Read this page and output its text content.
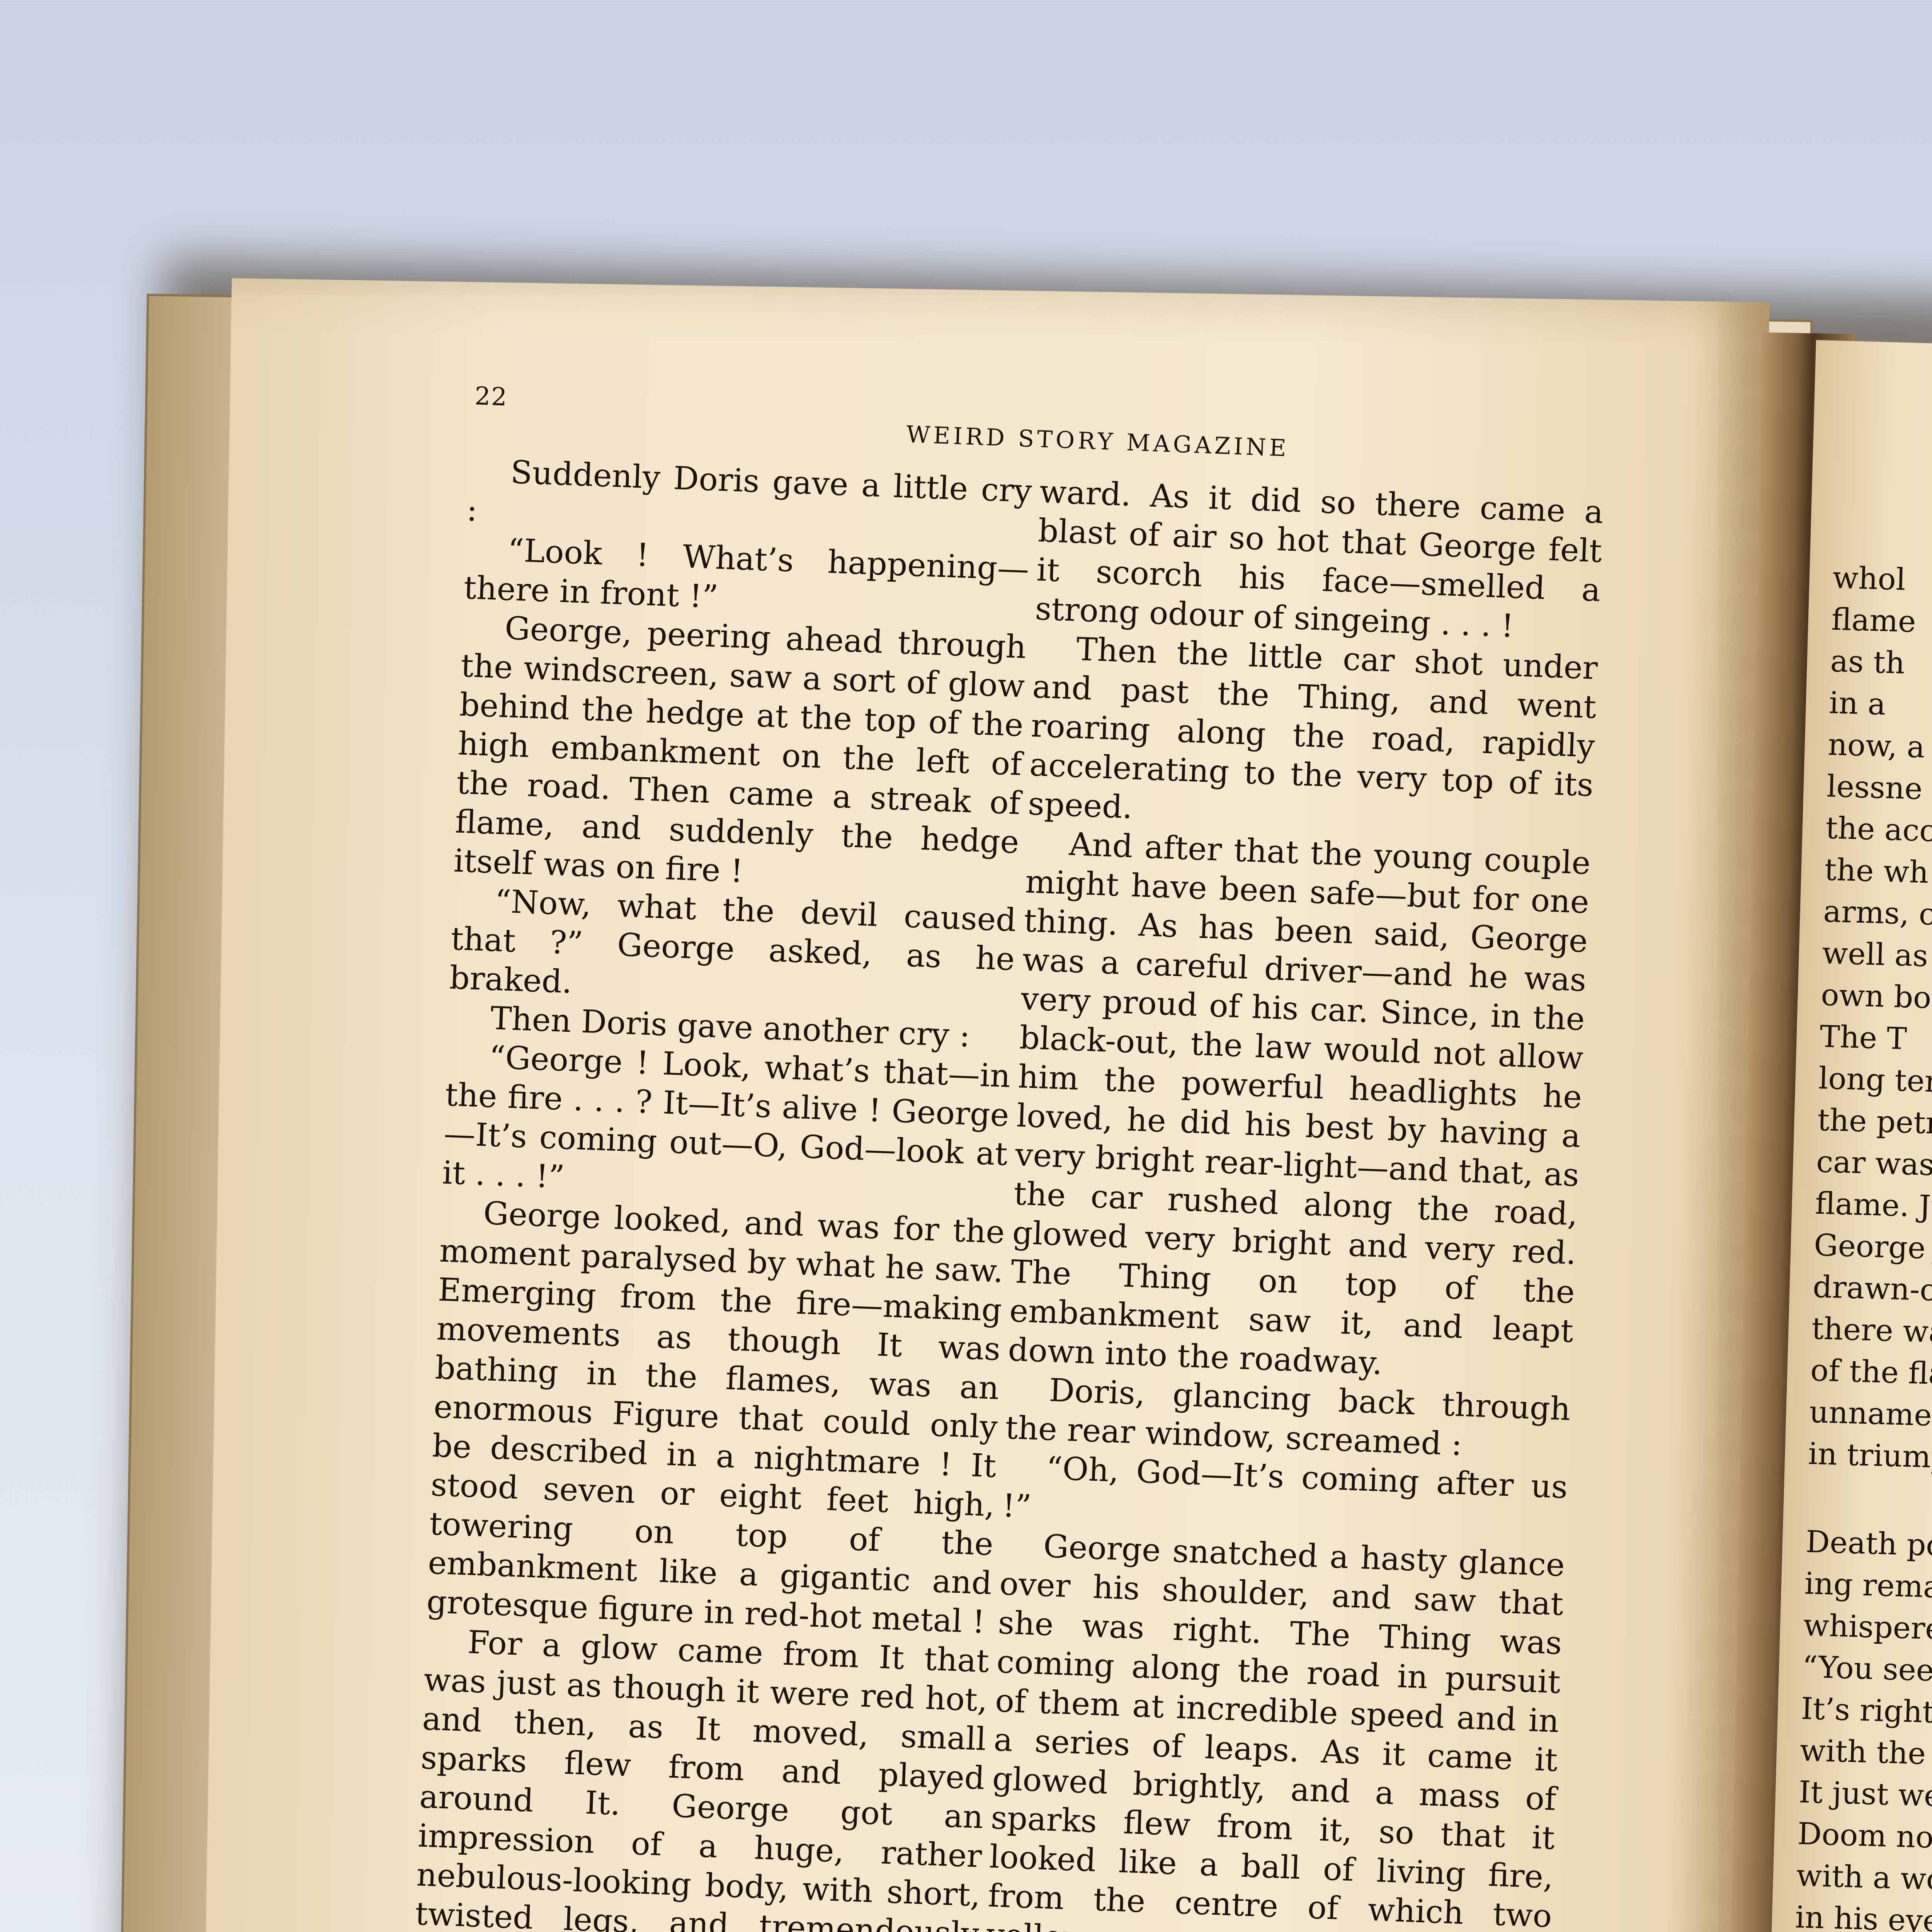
whol

flame

as th

in a

now, a

lessne

the acc

the wh

arms, c

well as

own boo

The T

long ter

the petro

car was

flame. Ju

George

drawn-ou

there was

of the flam

unnameab

in triumph

Death po

ing remain

whispered

“You see,

It’s right

with the

It just went

Doom nod

with a world

in his eyes,

22
WEIRD STORY MAGAZINE

Suddenly Doris gave a little cry :

“Look ! What’s happening—there in front !”

George, peering ahead through the windscreen, saw a sort of glow behind the hedge at the top of the high embankment on the left of the road. Then came a streak of flame, and suddenly the hedge itself was on fire !

“Now, what the devil caused that ?” George asked, as he braked.

Then Doris gave another cry :

“George ! Look, what’s that—in the fire . . . ? It—It’s alive ! George—It’s coming out—O, God—look at it . . . !”

George looked, and was for the moment paralysed by what he saw. Emerging from the fire—making movements as though It was bathing in the flames, was an enormous Figure that could only be described in a nightmare ! It stood seven or eight feet high, towering on top of the embankment like a gigantic and grotesque figure in red-hot metal !

For a glow came from It that was just as though it were red hot, and then, as It moved, small sparks flew from and played around It. George got an impression of a huge, rather nebulous-looking body, with short, twisted legs, and tremendously

ward. As it did so there came a blast of air so hot that George felt it scorch his face—smelled a strong odour of singeing . . . !

Then the little car shot under and past the Thing, and went roaring along the road, rapidly accelerating to the very top of its speed.

And after that the young couple might have been safe—but for one thing. As has been said, George was a careful driver—and he was very proud of his car. Since, in the black-out, the law would not allow him the powerful headlights he loved, he did his best by having a very bright rear-light—and that, as the car rushed along the road, glowed very bright and very red. The Thing on top of the embankment saw it, and leapt down into the roadway.

Doris, glancing back through the rear window, screamed :

“Oh, God—It’s coming after us !”

George snatched a hasty glance over his shoulder, and saw that she was right. The Thing was coming along the road in pursuit of them at incredible speed and in a series of leaps. As it came it glowed brightly, and a mass of sparks flew from it, so that it looked like a ball of living fire, from the centre of which two
